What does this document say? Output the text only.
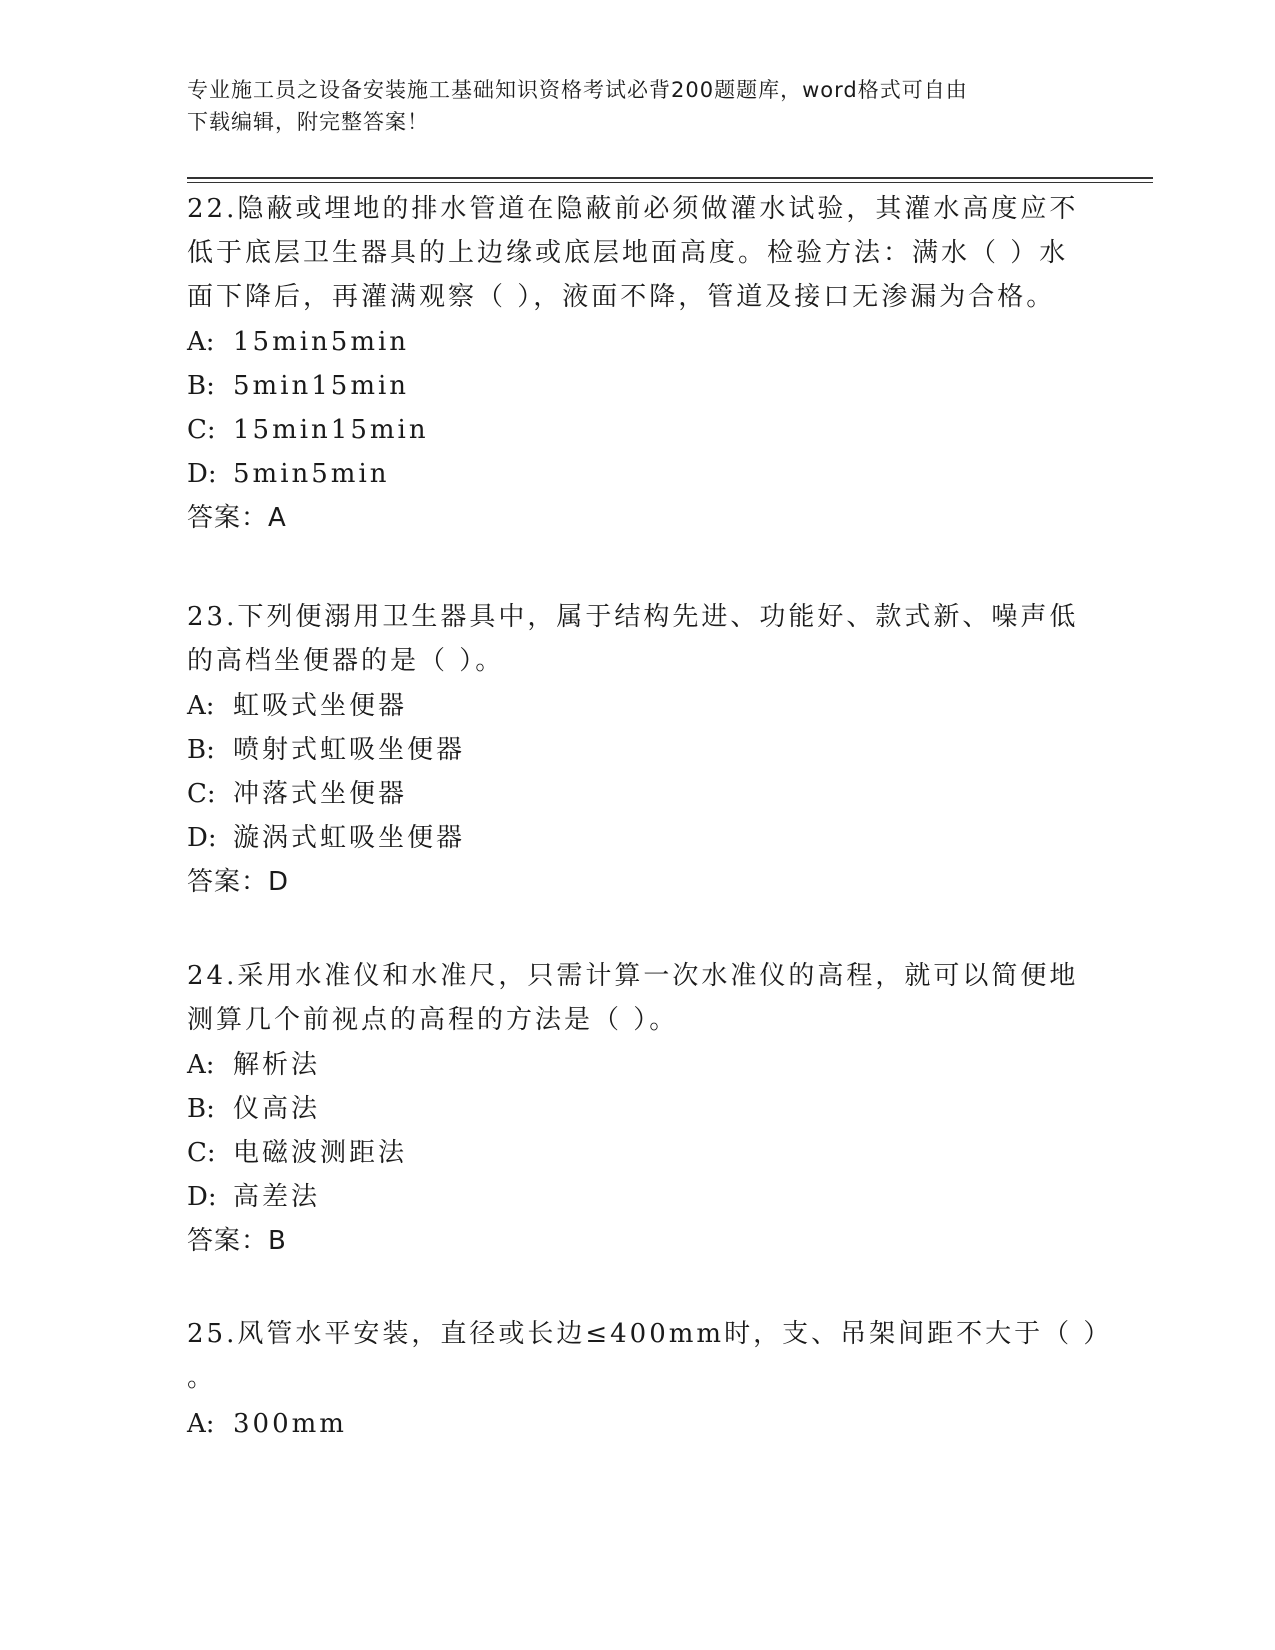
专业施工员之设备安装施工基础知识资格考试必背200题题库，word格式可自由
下载编辑，附完整答案！
22.隐蔽或埋地的排水管道在隐蔽前必须做灌水试验，其灌水高度应不
低于底层卫生器具的上边缘或底层地面高度。检验方法：满水（ ）水
面下降后，再灌满观察（ ），液面不降，管道及接口无渗漏为合格。
A: 15min5min
B: 5min15min
C: 15min15min
D: 5min5min
答案：A
23.下列便溺用卫生器具中，属于结构先进、功能好、款式新、噪声低
的高档坐便器的是（ ）。
A: 虹吸式坐便器
B: 喷射式虹吸坐便器
C: 冲落式坐便器
D: 漩涡式虹吸坐便器
答案：D
24.采用水准仪和水准尺，只需计算一次水准仪的高程，就可以简便地
测算几个前视点的高程的方法是（ ）。
A: 解析法
B: 仪高法
C: 电磁波测距法
D: 高差法
答案：B
25.风管水平安装，直径或长边≤400mm时，支、吊架间距不大于（ ）
。
A: 300mm
